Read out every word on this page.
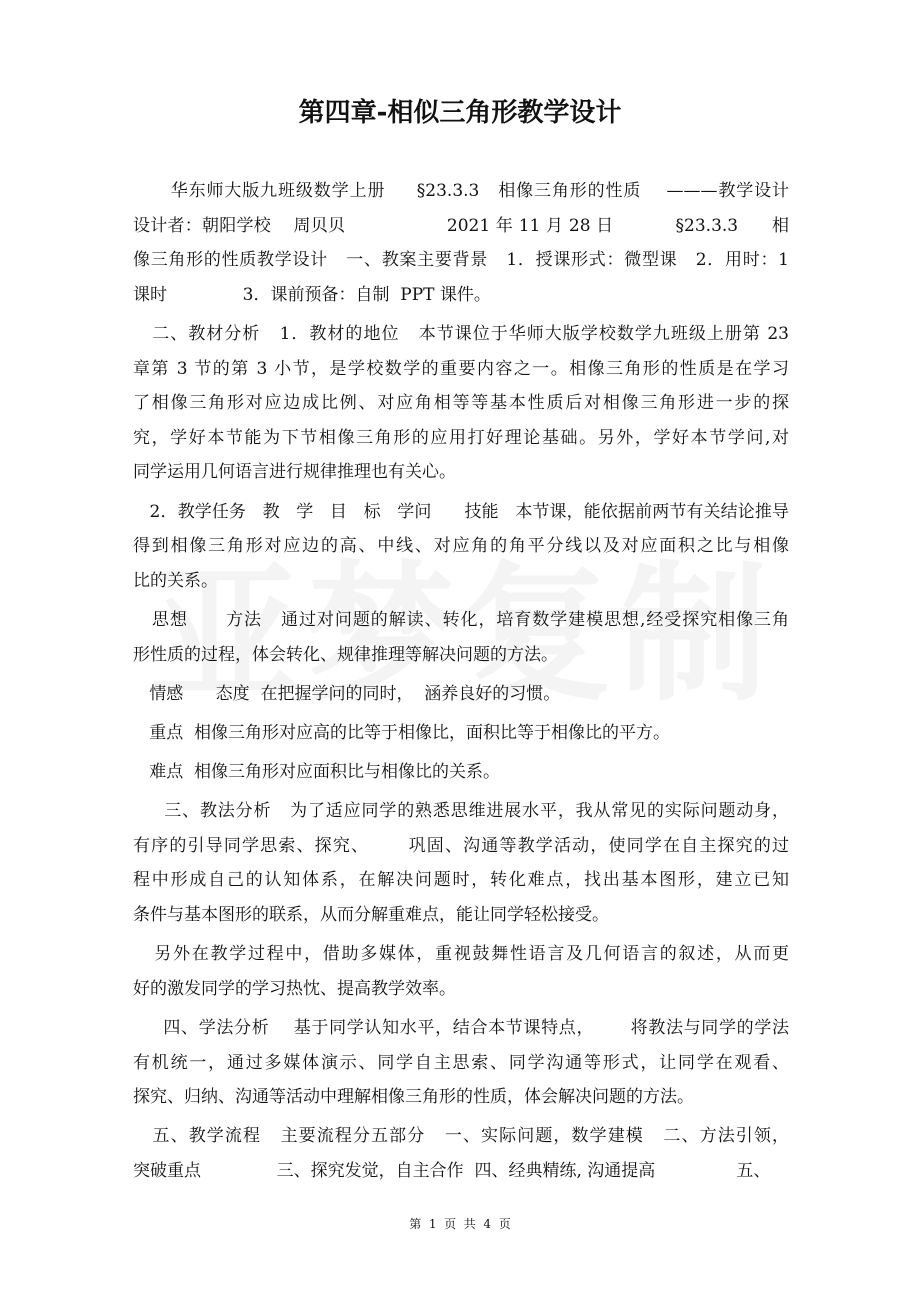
第四章-相似三角形教学设计
华东师大版九班级数学上册     §23.3.3   相像三角形的性质    ———教学设计
设计者：朝阳学校    周贝贝                  2021 年 11 月 28 日           §23.3.3      相
像三角形的性质教学设计   一、教案主要背景   1．授课形式：微型课   2．用时：1
课时              3．课前预备：自制  PPT 课件。
二、教材分析   1．教材的地位   本节课位于华师大版学校数学九班级上册第 23
章第 3 节的第 3 小节，是学校数学的重要内容之一。相像三角形的性质是在学习
了相像三角形对应边成比例、对应角相等等基本性质后对相像三角形进一步的探
究，学好本节能为下节相像三角形的应用打好理论基础。另外，学好本节学问,对
同学运用几何语言进行规律推理也有关心。
2．教学任务   教   学   目   标   学问      技能   本节课，能依据前两节有关结论推导
得到相像三角形对应边的高、中线、对应角的角平分线以及对应面积之比与相像
比的关系。
思想      方法   通过对问题的解读、转化，培育数学建模思想,经受探究相像三角
形性质的过程，体会转化、规律推理等解决问题的方法。
情感      态度  在把握学问的同时，  涵养良好的习惯。
重点  相像三角形对应高的比等于相像比，面积比等于相像比的平方。
难点  相像三角形对应面积比与相像比的关系。
三、教法分析   为了适应同学的熟悉思维进展水平，我从常见的实际问题动身，
有序的引导同学思索、探究、      巩固、沟通等教学活动，使同学在自主探究的过
程中形成自己的认知体系，在解决问题时，转化难点，找出基本图形，建立已知
条件与基本图形的联系，从而分解重难点，能让同学轻松接受。
另外在教学过程中，借助多媒体，重视鼓舞性语言及几何语言的叙述，从而更
好的激发同学的学习热忱、提高教学效率。
四、学法分析    基于同学认知水平，结合本节课特点，      将教法与同学的学法
有机统一，通过多媒体演示、同学自主思索、同学沟通等形式，让同学在观看、
探究、归纳、沟通等活动中理解相像三角形的性质，体会解决问题的方法。
五、教学流程   主要流程分五部分   一、实际问题，数学建模   二、方法引领，
突破重点              三、探究发觉，自主合作  四、经典精练, 沟通提高               五、
第  1  页  共  4  页
